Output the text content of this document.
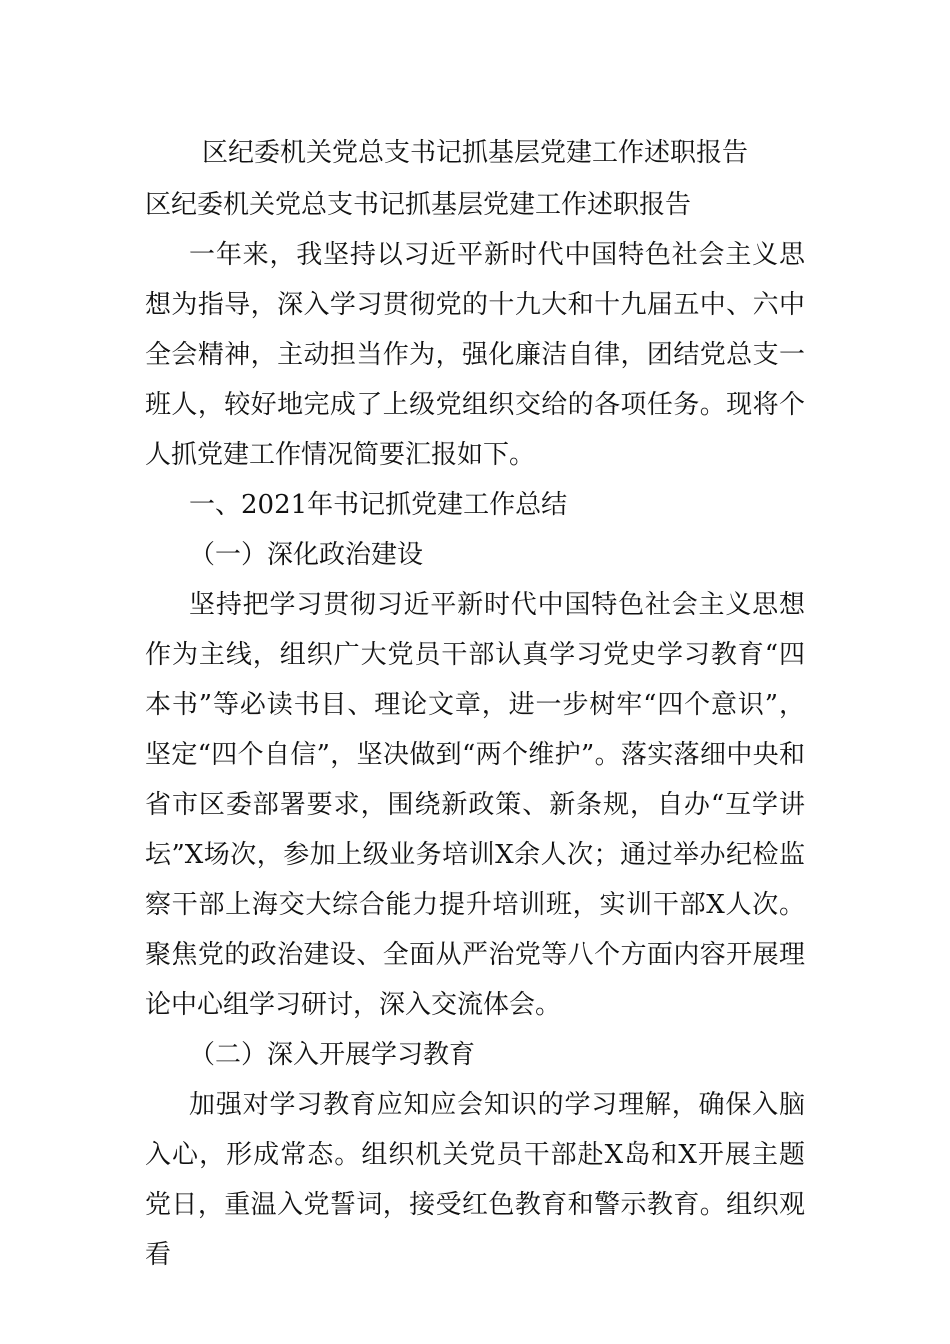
区纪委机关党总支书记抓基层党建工作述职报告

区纪委机关党总支书记抓基层党建工作述职报告

一年来，我坚持以习近平新时代中国特色社会主义思想为指导，深入学习贯彻党的十九大和十九届五中、六中全会精神，主动担当作为，强化廉洁自律，团结党总支一班人，较好地完成了上级党组织交给的各项任务。现将个人抓党建工作情况简要汇报如下。

一、2021年书记抓党建工作总结

（一）深化政治建设

坚持把学习贯彻习近平新时代中国特色社会主义思想作为主线，组织广大党员干部认真学习党史学习教育“四本书”等必读书目、理论文章，进一步树牢“四个意识”，坚定“四个自信”，坚决做到“两个维护”。落实落细中央和省市区委部署要求，围绕新政策、新条规，自办“互学讲坛”X场次，参加上级业务培训X余人次；通过举办纪检监察干部上海交大综合能力提升培训班，实训干部X人次。聚焦党的政治建设、全面从严治党等八个方面内容开展理论中心组学习研讨，深入交流体会。

（二）深入开展学习教育

加强对学习教育应知应会知识的学习理解，确保入脑入心，形成常态。组织机关党员干部赴X岛和X开展主题党日，重温入党誓词，接受红色教育和警示教育。组织观看
